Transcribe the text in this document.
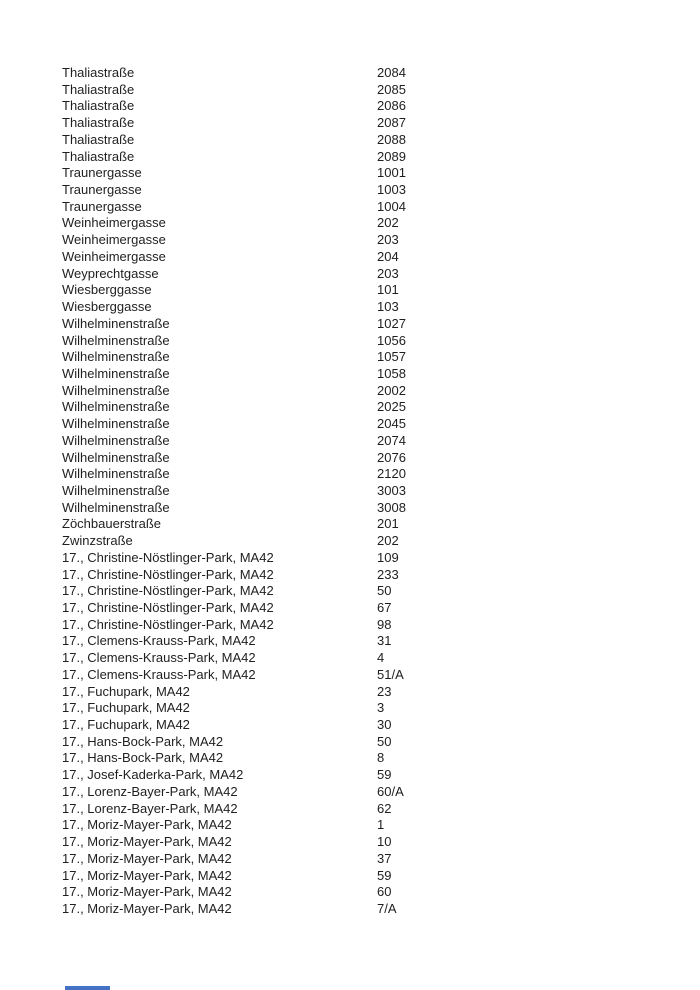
Thaliastraße	2084
Thaliastraße	2085
Thaliastraße	2086
Thaliastraße	2087
Thaliastraße	2088
Thaliastraße	2089
Traunergasse	1001
Traunergasse	1003
Traunergasse	1004
Weinheimergasse	202
Weinheimergasse	203
Weinheimergasse	204
Weyprechtgasse	203
Wiesberggasse	101
Wiesberggasse	103
Wilhelminenstraße	1027
Wilhelminenstraße	1056
Wilhelminenstraße	1057
Wilhelminenstraße	1058
Wilhelminenstraße	2002
Wilhelminenstraße	2025
Wilhelminenstraße	2045
Wilhelminenstraße	2074
Wilhelminenstraße	2076
Wilhelminenstraße	2120
Wilhelminenstraße	3003
Wilhelminenstraße	3008
Zöchbauerstraße	201
Zwinzstraße	202
17., Christine-Nöstlinger-Park, MA42	109
17., Christine-Nöstlinger-Park, MA42	233
17., Christine-Nöstlinger-Park, MA42	50
17., Christine-Nöstlinger-Park, MA42	67
17., Christine-Nöstlinger-Park, MA42	98
17., Clemens-Krauss-Park, MA42	31
17., Clemens-Krauss-Park, MA42	4
17., Clemens-Krauss-Park, MA42	51/A
17., Fuchupark, MA42	23
17., Fuchupark, MA42	3
17., Fuchupark, MA42	30
17., Hans-Bock-Park, MA42	50
17., Hans-Bock-Park, MA42	8
17., Josef-Kaderka-Park, MA42	59
17., Lorenz-Bayer-Park, MA42	60/A
17., Lorenz-Bayer-Park, MA42	62
17., Moriz-Mayer-Park, MA42	1
17., Moriz-Mayer-Park, MA42	10
17., Moriz-Mayer-Park, MA42	37
17., Moriz-Mayer-Park, MA42	59
17., Moriz-Mayer-Park, MA42	60
17., Moriz-Mayer-Park, MA42	7/A
